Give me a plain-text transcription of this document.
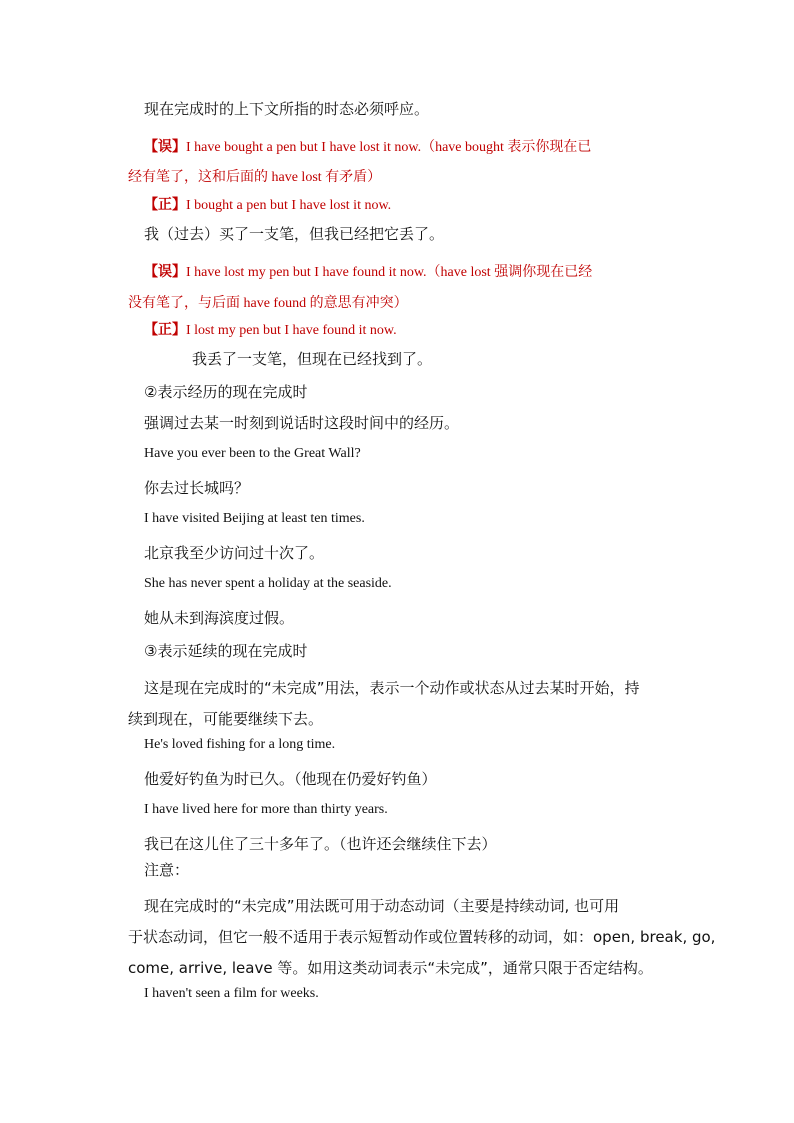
现在完成时的上下文所指的时态必须呼应。
【误】I have bought a pen but I have lost it now.（have bought 表示你现在已
经有笔了，这和后面的 have lost 有矛盾）
【正】I bought a pen but I have lost it now.
我（过去）买了一支笔，但我已经把它丢了。
【误】I have lost my pen but I have found it now.（have lost 强调你现在已经
没有笔了，与后面 have found 的意思有冲突）
【正】I lost my pen but I have found it now.
我丢了一支笔，但现在已经找到了。
②表示经历的现在完成时
强调过去某一时刻到说话时这段时间中的经历。
Have you ever been to the Great Wall?
你去过长城吗？
I have visited Beijing at least ten times.
北京我至少访问过十次了。
She has never spent a holiday at the seaside.
她从未到海滨度过假。
③表示延续的现在完成时
这是现在完成时的“未完成”用法，表示一个动作或状态从过去某时开始，持
续到现在，可能要继续下去。
He's loved fishing for a long time.
他爱好钓鱼为时已久。（他现在仍爱好钓鱼）
I have lived here for more than thirty years.
我已在这儿住了三十多年了。（也许还会继续住下去）
注意：
现在完成时的“未完成”用法既可用于动态动词（主要是持续动词, 也可用
于状态动词，但它一般不适用于表示短暂动作或位置转移的动词，如：open, break, go,
come, arrive, leave 等。如用这类动词表示“未完成”，通常只限于否定结构。
I haven't seen a film for weeks.
